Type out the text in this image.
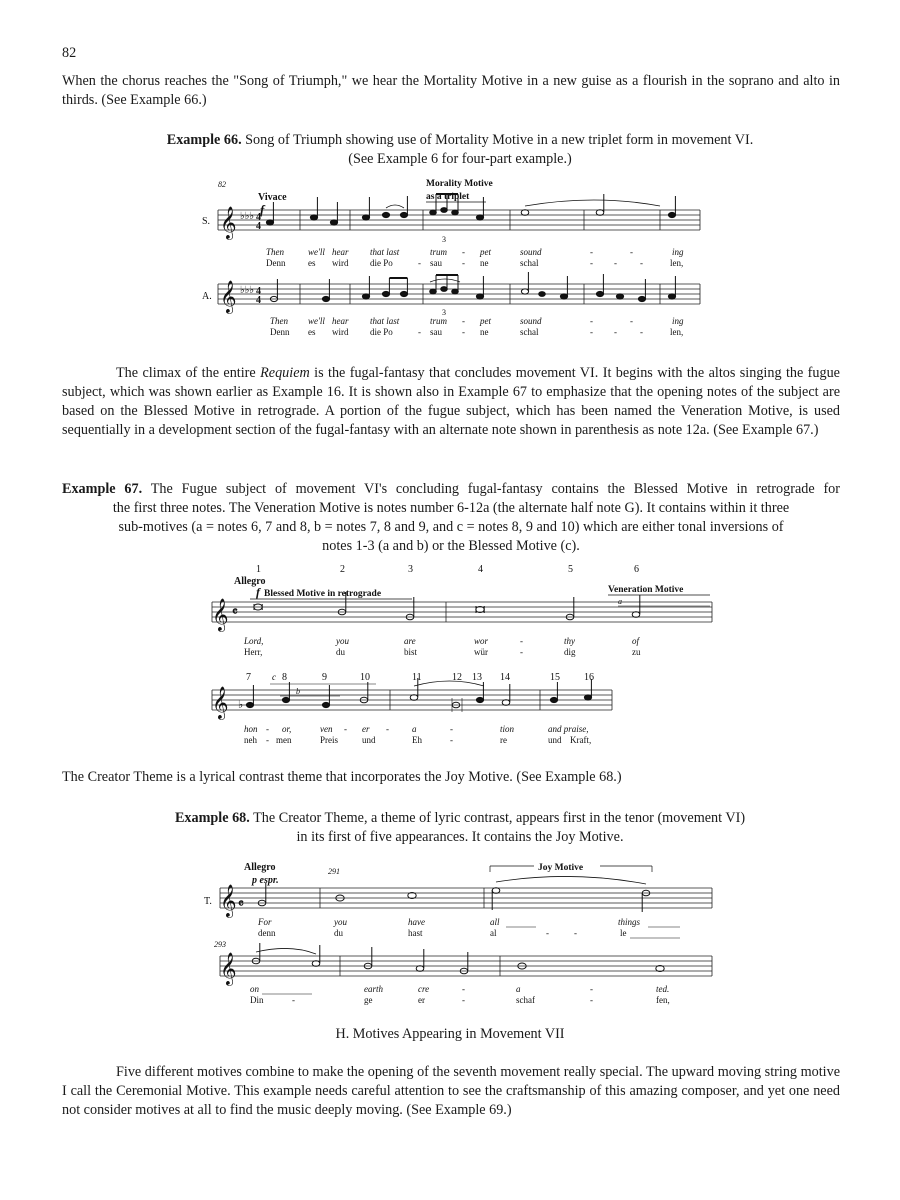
82
When the chorus reaches the "Song of Triumph," we hear the Mortality Motive in a new guise as a flourish in the soprano and alto in thirds. (See Example 66.)
Example 66. Song of Triumph showing use of Mortality Motive in a new triplet form in movement VI.
(See Example 6 for four-part example.)
82
Vivace
f
Morality Motive
as a triplet
S. 𝄞 ♭♭♭ 4
4
3
Then	we'll hear that last	trum - pet	sound	-	-	ing
Denn	es wird die Po	- sau - ne	schal	- -	-	len,
A. 𝄞 ♭♭♭ 4
4
3
Then we'll hear that last	trum - pet	sound	-	-	ing
Denn es wird die Po	- sau - ne	schal	- -	-	len,
The climax of the entire Requiem is the fugal-fantasy that concludes movement VI. It begins with the altos singing the fugue subject, which was shown earlier as Example 16. It is shown also in Example 67 to emphasize that the opening notes of the subject are based on the Blessed Motive in retrograde. A portion of the fugue subject, which has been named the Veneration Motive, is used sequentially in a development section of the fugal-fantasy with an alternate note shown in parenthesis as note 12a. (See Example 67.)
Example 67. The Fugue subject of movement VI's concluding fugal-fantasy contains the Blessed Motive in retrograde for
the first three notes. The Veneration Motive is notes number 6-12a (the alternate half note G). It contains within it three
sub-motives (a = notes 6, 7 and 8, b = notes 7, 8 and 9, and c = notes 8, 9 and 10) which are either tonal inversions of
notes 1-3 (a and b) or the Blessed Motive (c).
1	2	3	4	5	6
Allegro
f Blessed Motive in retrograde	Veneration Motive
a
𝄞 𝄴
Lord,	you	are	wor	-	thy	of
Herr,	du	bist	wür	-	dig	zu
7 c 8	9	10	11	12 13 14	15 16
b
𝄞 ♭
hon - or,	ven - er -	a	-	tion	and praise,
neh - men	Preis	und	Eh	-	re	und Kraft,
The Creator Theme is a lyrical contrast theme that incorporates the Joy Motive. (See Example 68.)
Example 68. The Creator Theme, a theme of lyric contrast, appears first in the tenor (movement VI)
in its first of five appearances. It contains the Joy Motive.
Allegro
p espr.
291	Joy Motive
T. 𝄞 𝄴
For	you	have	all	things
denn	du	hast	al	-	-	le
293
𝄞
on	earth	cre	-	a	-	ted.
Din	-	ge	er	-	schaf	-	fen,
H. Motives Appearing in Movement VII
Five different motives combine to make the opening of the seventh movement really special. The upward moving string motive I call the Ceremonial Motive. This example needs careful attention to see the craftsmanship of this amazing composer, and yet one need not consider motives at all to find the music deeply moving. (See Example 69.)
